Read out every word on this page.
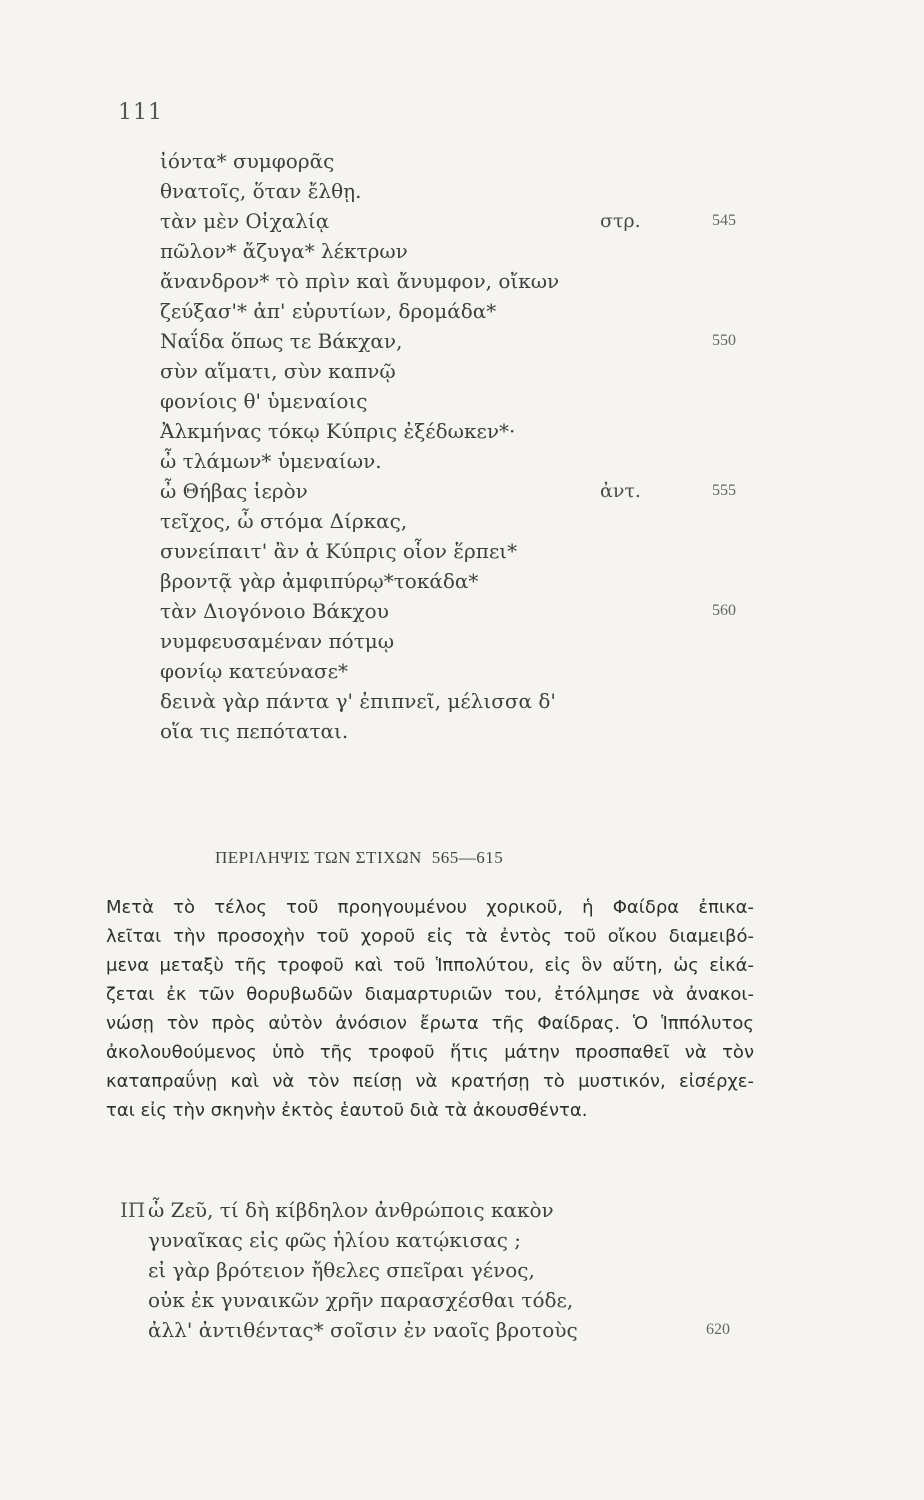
111
ἰόντα* συμφορᾶς
θνατοῖς, ὅταν ἔλθῃ.
τὰν μὲν Οἰχαλίᾳ	στρ.	545
πῶλον* ἄζυγα* λέκτρων
ἄνανδρον* τὸ πρὶν καὶ ἄνυμφον, οἴκων
ζεύξασ'* ἀπ' εὐρυτίων, δρομάδα*
Ναΐδα ὅπως τε Βάκχαν,	550
σὺν αἵματι, σὺν καπνῷ
φονίοις θ' ὑμεναίοις
Ἀλκμήνας τόκῳ Κύπρις ἐξέδωκεν*·
ὦ τλάμων* ὑμεναίων.
ὦ Θήβας ἱερὸν	ἀντ.	555
τεῖχος, ὦ στόμα Δίρκας,
συνείπαιτ' ἂν ἁ Κύπρις οἷον ἕρπει*
βροντᾷ γὰρ ἀμφιπύρῳ*τοκάδα*
τὰν Διογόνοιο Βάκχου	560
νυμφευσαμέναν πότμῳ
φονίῳ κατεύνασε*
δεινὰ γὰρ πάντα γ' ἐπιπνεῖ, μέλισσα δ'
οἵα τις πεπόταται.
ΠΕΡΙΛΗΨΙΣ ΤΩΝ ΣΤΙΧΩΝ 565—615
Μετὰ τὸ τέλος τοῦ προηγουμένου χορικοῦ, ἡ Φαίδρα ἐπικα-
λεῖται τὴν προσοχὴν τοῦ χοροῦ εἰς τὰ ἐντὸς τοῦ οἴκου διαμειβό-
μενα μεταξὺ τῆς τροφοῦ καὶ τοῦ Ἱππολύτου, εἰς ὃν αὕτη, ὡς εἰκά-
ζεται ἐκ τῶν θορυβωδῶν διαμαρτυριῶν του, ἐτόλμησε νὰ ἀνακοι-
νώσῃ τὸν πρὸς αὐτὸν ἀνόσιον ἔρωτα τῆς Φαίδρας. Ὁ Ἱππόλυτος
ἀκολουθούμενος ὑπὸ τῆς τροφοῦ ἥτις μάτην προσπαθεῖ νὰ τὸν
καταπραΰνῃ καὶ νὰ τὸν πείσῃ νὰ κρατήσῃ τὸ μυστικόν, εἰσέρχε-
ται εἰς τὴν σκηνὴν ἐκτὸς ἑαυτοῦ διὰ τὰ ἀκουσθέντα.
ΙΠ ὦ Ζεῦ, τί δὴ κίβδηλον ἀνθρώποις κακὸν
γυναῖκας εἰς φῶς ἡλίου κατῴκισας ;
εἰ γὰρ βρότειον ἤθελες σπεῖραι γένος,
οὐκ ἐκ γυναικῶν χρῆν παρασχέσθαι τόδε,
ἀλλ' ἀντιθέντας* σοῖσιν ἐν ναοῖς βροτοὺς	620
